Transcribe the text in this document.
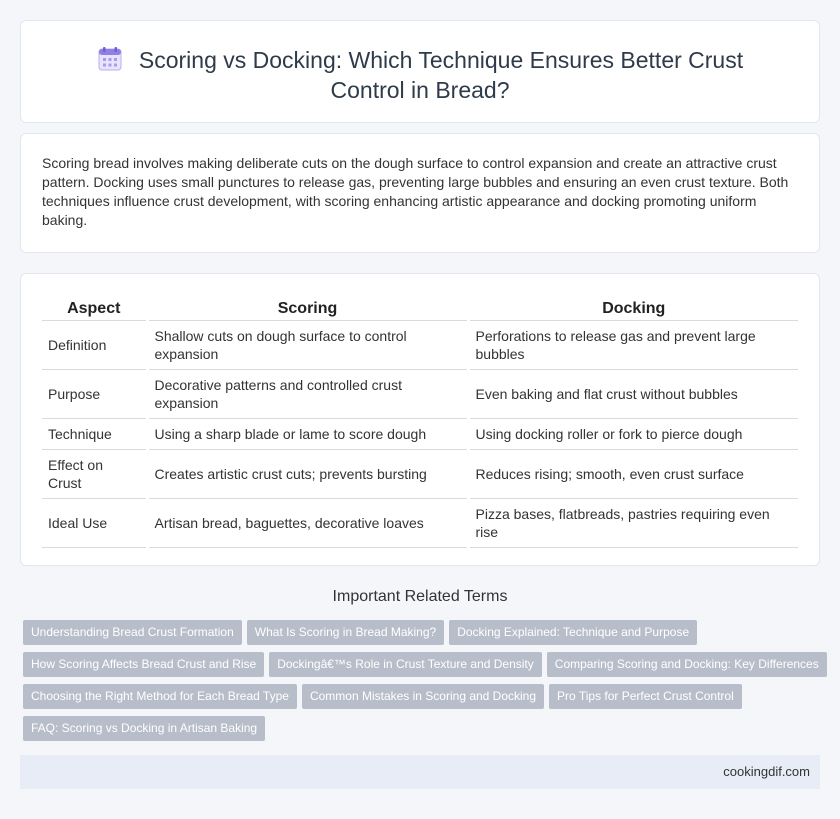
Scoring vs Docking: Which Technique Ensures Better Crust Control in Bread?

Scoring bread involves making deliberate cuts on the dough surface to control expansion and create an attractive crust pattern. Docking uses small punctures to release gas, preventing large bubbles and ensuring an even crust texture. Both techniques influence crust development, with scoring enhancing artistic appearance and docking promoting uniform baking.

Aspect	Scoring	Docking
Definition	Shallow cuts on dough surface to control expansion	Perforations to release gas and prevent large bubbles
Purpose	Decorative patterns and controlled crust expansion	Even baking and flat crust without bubbles
Technique	Using a sharp blade or lame to score dough	Using docking roller or fork to pierce dough
Effect on Crust	Creates artistic crust cuts; prevents bursting	Reduces rising; smooth, even crust surface
Ideal Use	Artisan bread, baguettes, decorative loaves	Pizza bases, flatbreads, pastries requiring even rise
Important Related Terms
Understanding Bread Crust Formation What Is Scoring in Bread Making? Docking Explained: Technique and Purpose
How Scoring Affects Bread Crust and Rise Dockingâ€™s Role in Crust Texture and Density Comparing Scoring and Docking: Key Differences
Choosing the Right Method for Each Bread Type Common Mistakes in Scoring and Docking Pro Tips for Perfect Crust Control
FAQ: Scoring vs Docking in Artisan Baking
cookingdif.com
